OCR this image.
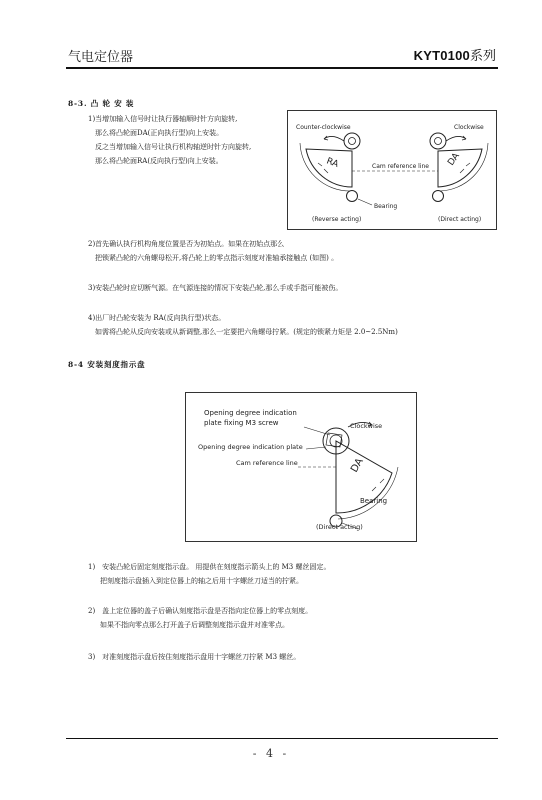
气电定位器	KYT0100系列
8-3. 凸 轮 安 装
1)当增加输入信号时让执行器轴顺时针方向旋转,
那么将凸轮面DA(正向执行型)向上安装。
反之当增加输入信号让执行机构轴逆时针方向旋转,
那么将凸轮面RA(反向执行型)向上安装。
Counter-clockwise	Clockwise
RA	DA
Cam reference line
Bearing
(Reverse acting)	(Direct acting)
2)首先确认执行机构角度位置是否为初始点。如果在初始点那么
把锁紧凸轮的六角螺母松开,将凸轮上的零点指示刻度对准轴承接触点 (如图) 。
3)安装凸轮时应切断气源。在气源连接的情况下安装凸轮,那么手或手指可能被伤。
4)出厂时凸轮安装为 RA(反向执行型)状态。
如需将凸轮从反向安装或从新调整,那么一定要把六角螺母拧紧。(规定的锁紧力矩是 2.0~2.5Nm)
8-4 安装刻度指示盘
Opening degree indication
plate fixing M3 screw	Clockwise
Opening degree indication plate
Cam reference line	DA
Bearing
(Direct acting)
1)　安装凸轮后固定刻度指示盘。 用提供在刻度指示箭头上的 M3 螺丝固定。
把刻度指示盘插入到定位器上的轴之后用十字螺丝刀适当的拧紧。
2)　盖上定位器的盖子后确认刻度指示盘是否指向定位器上的零点刻度。
如果不指向零点那么打开盖子后调整刻度指示盘并对准零点。
3)　对准刻度指示盘后按住刻度指示盘用十字螺丝刀拧紧 M3 螺丝。
- 4 -
